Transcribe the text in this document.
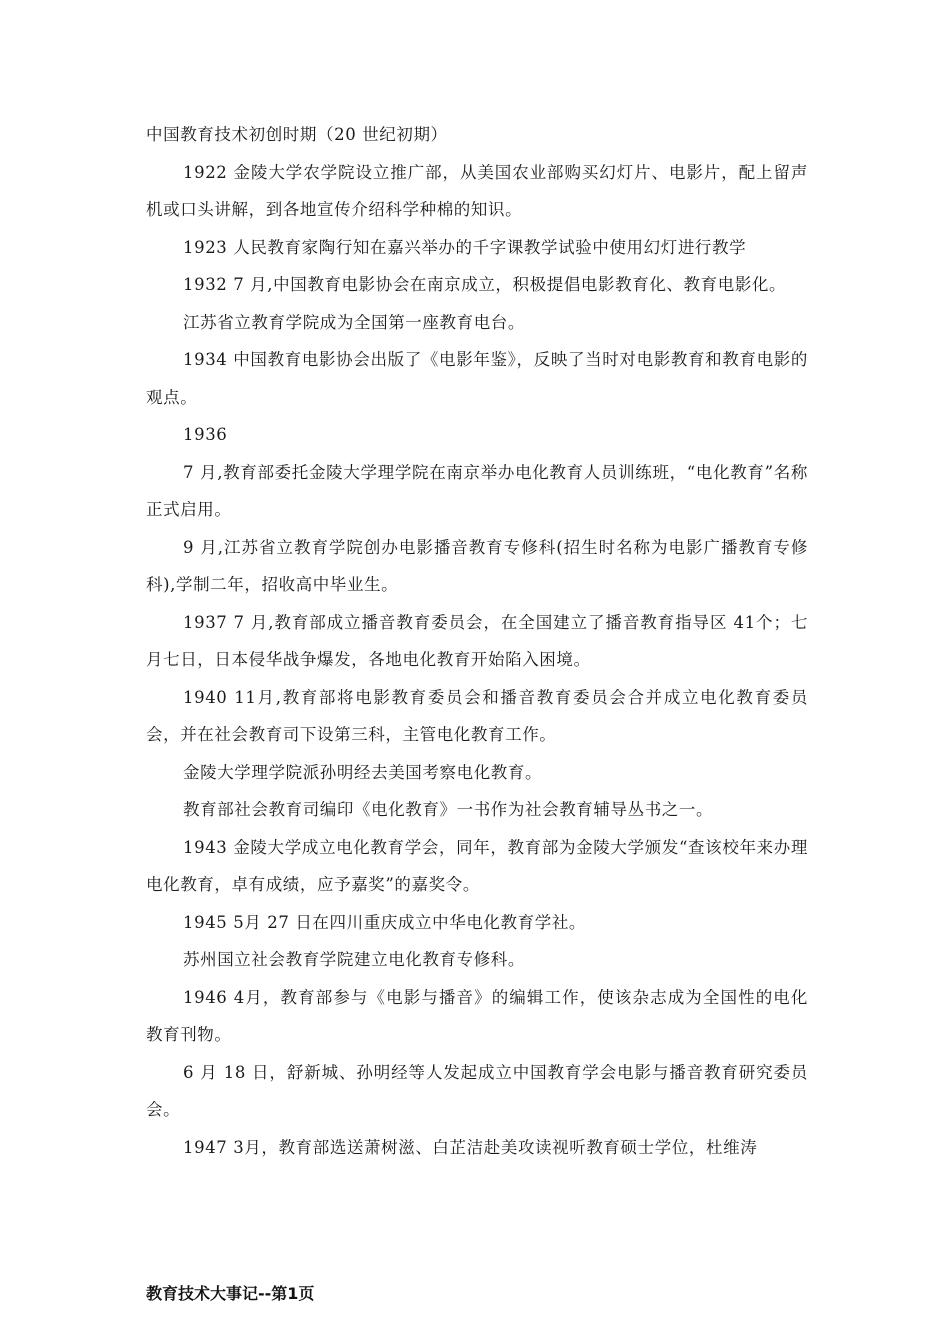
中国教育技术初创时期（20 世纪初期）

1922 金陵大学农学院设立推广部，从美国农业部购买幻灯片、电影片，配上留声机或口头讲解，到各地宣传介绍科学种棉的知识。

1923 人民教育家陶行知在嘉兴举办的千字课教学试验中使用幻灯进行教学

1932 7 月,中国教育电影协会在南京成立，积极提倡电影教育化、教育电影化。

江苏省立教育学院成为全国第一座教育电台。

1934 中国教育电影协会出版了《电影年鉴》，反映了当时对电影教育和教育电影的观点。

1936

7 月,教育部委托金陵大学理学院在南京举办电化教育人员训练班，“电化教育”名称正式启用。

9 月,江苏省立教育学院创办电影播音教育专修科(招生时名称为电影广播教育专修科),学制二年，招收高中毕业生。

1937 7 月,教育部成立播音教育委员会，在全国建立了播音教育指导区 41个；七月七日，日本侵华战争爆发，各地电化教育开始陷入困境。

1940 11月,教育部将电影教育委员会和播音教育委员会合并成立电化教育委员会，并在社会教育司下设第三科，主管电化教育工作。

金陵大学理学院派孙明经去美国考察电化教育。

教育部社会教育司编印《电化教育》一书作为社会教育辅导丛书之一。

1943 金陵大学成立电化教育学会，同年，教育部为金陵大学颁发“查该校年来办理电化教育，卓有成绩，应予嘉奖”的嘉奖令。

1945 5月 27 日在四川重庆成立中华电化教育学社。

苏州国立社会教育学院建立电化教育专修科。

1946 4月，教育部参与《电影与播音》的编辑工作，使该杂志成为全国性的电化教育刊物。

6 月 18 日，舒新城、孙明经等人发起成立中国教育学会电影与播音教育研究委员会。

1947 3月，教育部选送萧树滋、白芷洁赴美攻读视听教育硕士学位，杜维涛

教育技术大事记--第1页
